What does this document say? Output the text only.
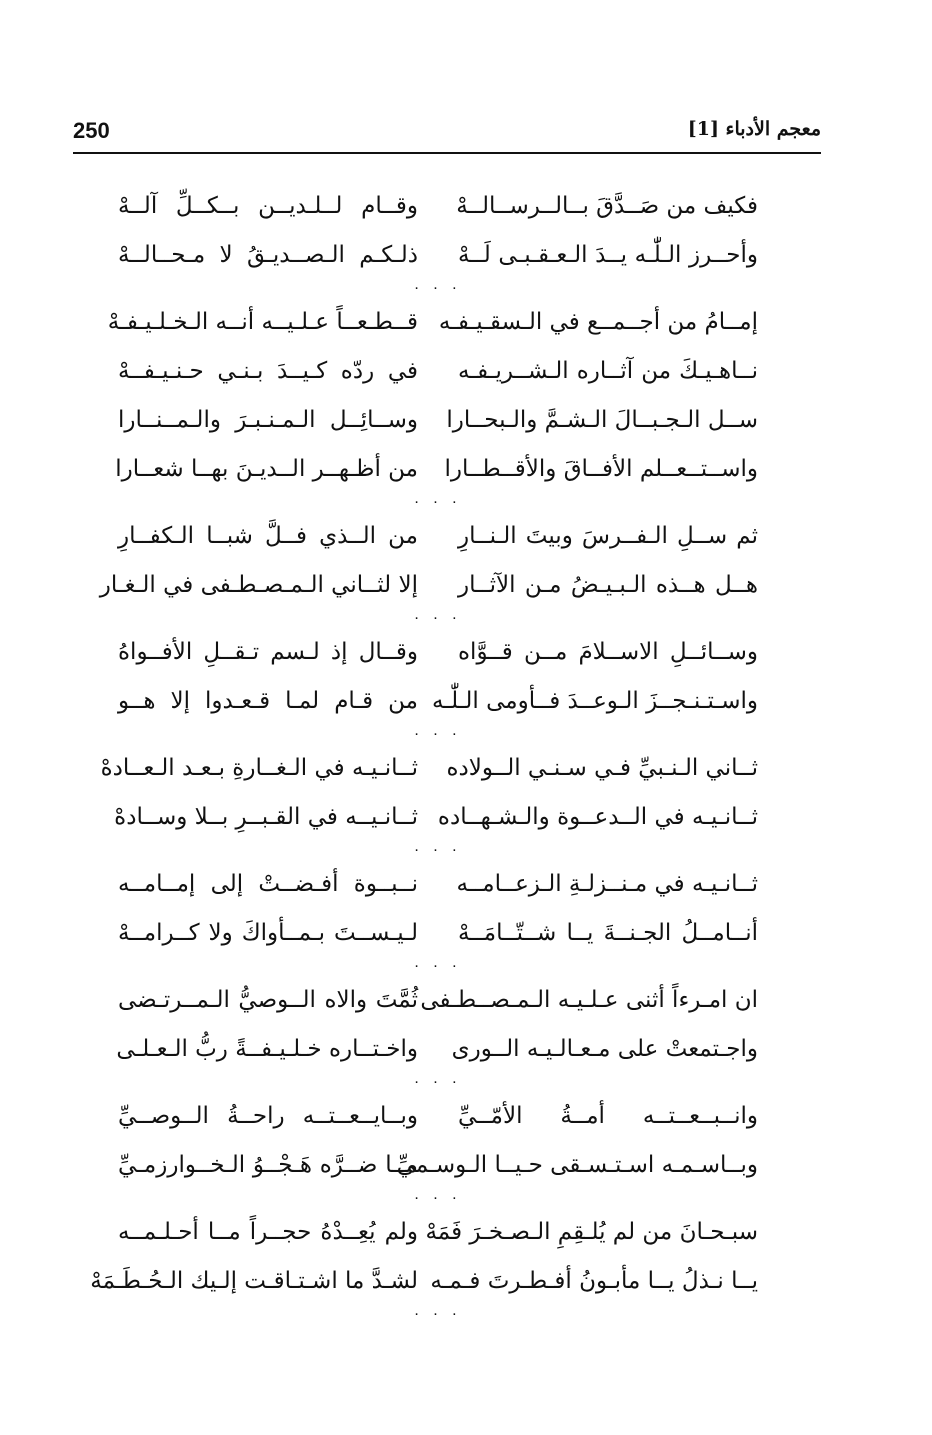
250	معجم الأدباء [1]
فكيف من صَــدَّقَ بــالــرســالــهْ
وقــام لــلـديــن بــكــلِّ آلــهْ
وأحــرز الـلّٰـه يــدَ الـعـقـبـى لَــهْ
ذلـكـم الـصــديـقُ لا مـحــالــهْ
. . .
إمــامُ من أجــمــع في الـسقـيـفـه
قــطـعــاً عـلـيــه أنــه الـخـلـيـفـهْ
نــاهـيـكَ من آثــاره الـشــريـفـه
في ردّه كـيــدَ بـنـي حـنـيـفــهْ
ســل الـجـبــالَ الـشـمَّ والـبحــارا
وســائِــل الـمـنـبـرَ والـمــنــارا
واســتــعــلم الأفــاقَ والأقــطــارا
من أظـهــر الــديـنَ بهــا شعــارا
. . .
ثم ســلِ الـفــرسَ وبيتَ الـنــارِ
من الــذي فــلَّ شبــا الـكفــارِ
هــل هــذه الـبـيـضُ مـن الآثــار
إلا لثــاني الـمـصـطـفى في الـغـار
. . .
وســائــلِ الاســلامَ مــن قــوَّاه
وقــال إذ لـسم تـقــلِ الأفــواهُ
واسـتـنـجــزَ الـوعــدَ فــأومى الـلّٰـه
من قـام لمـا قـعـدوا إلا هــو
. . .
ثــاني الـنـبيِّ فـي سـنـي الــولاده
ثــانـيـه في الـغــارةِ بـعـد الـعــادهْ
ثــانـيـه في الــدعــوة والـشـهــاده
ثــانـيــه في القـبــرِ بــلا وســادهْ
. . .
ثــانـيـه في مـنــزلـةِ الـزعــامــه
نــبــوة أفـضــتْ إلى إمــامــه
أنــامــلُ الجـنــةَ يــا شــتّــامَــهْ
لـيـســتَ بـمــأواكَ ولا كــرامــهْ
. . .
ان امـرءاً أثنى عـلـيـه الـمـصــطـفى
ثُمَّتَ والاه الــوصيُّ الـمــرتـضى
واجـتمعتْ على مـعـالـيـه الــورى
واخـتــاره خـلـيـفــةً ربُّ الـعـلـى
. . .
وانــبــعــتــه أمــةُ الأمّــيِّ
وبــايــعــتــه راحــةُ الــوصــيِّ
وبــاسـمـه اسـتـسـقى حـيــا الـوسـميِّ
مــا ضــرَّه هَـجْــوُ الـخــوارزمـيِّ
. . .
سبـحـانَ من لم يُلـقِمِ الـصـخـرَ فَمَهْ
ولم يُعِــدْهُ حجــراً مــا أحـلـمــه
يــا نـذلُ يــا مأبـونُ أفـطـرتَ فـمـه
لشـدَّ ما اشـتـاقـت إلـيك الـحُـطَـمَهْ
. . .
